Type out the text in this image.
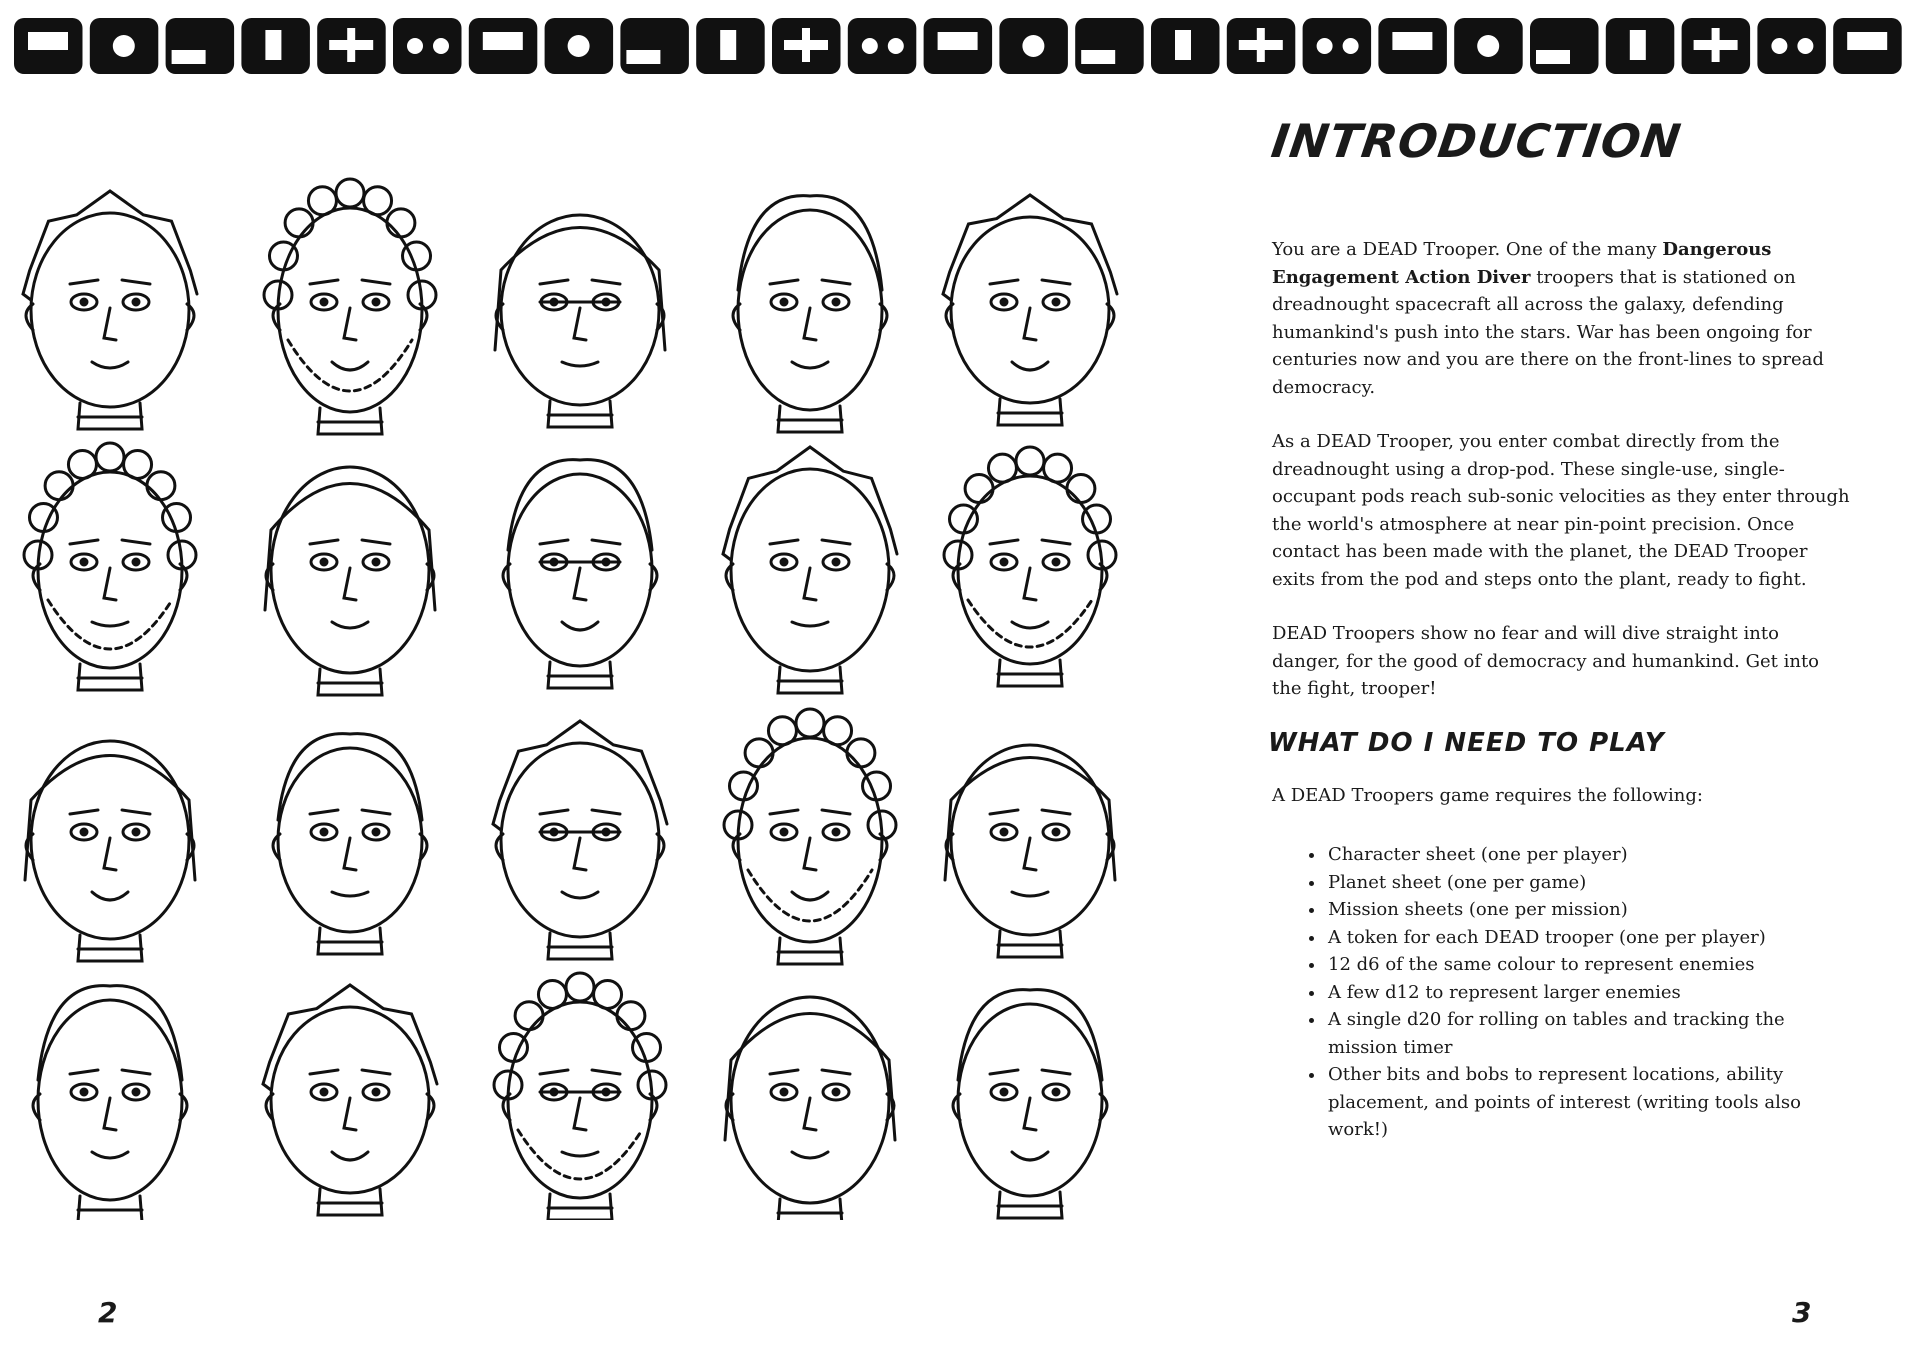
INTRODUCTION

You are a DEAD Trooper. One of the many Dangerous Engagement Action Diver troopers that is stationed on dreadnought spacecraft all across the galaxy, defending humankind's push into the stars. War has been ongoing for centuries now and you are there on the front-lines to spread democracy.

As a DEAD Trooper, you enter combat directly from the dreadnought using a drop-pod. These single-use, single-occupant pods reach sub-sonic velocities as they enter through the world's atmosphere at near pin-point precision. Once contact has been made with the planet, the DEAD Trooper exits from the pod and steps onto the plant, ready to fight.

DEAD Troopers show no fear and will dive straight into danger, for the good of democracy and humankind. Get into the fight, trooper!

WHAT DO I NEED TO PLAY

A DEAD Troopers game requires the following:

• Character sheet (one per player)
• Planet sheet (one per game)
• Mission sheets (one per mission)
• A token for each DEAD trooper (one per player)
• 12 d6 of the same colour to represent enemies
• A few d12 to represent larger enemies
• A single d20 for rolling on tables and tracking the mission timer
• Other bits and bobs to represent locations, ability placement, and points of interest (writing tools also work!)
2	3
